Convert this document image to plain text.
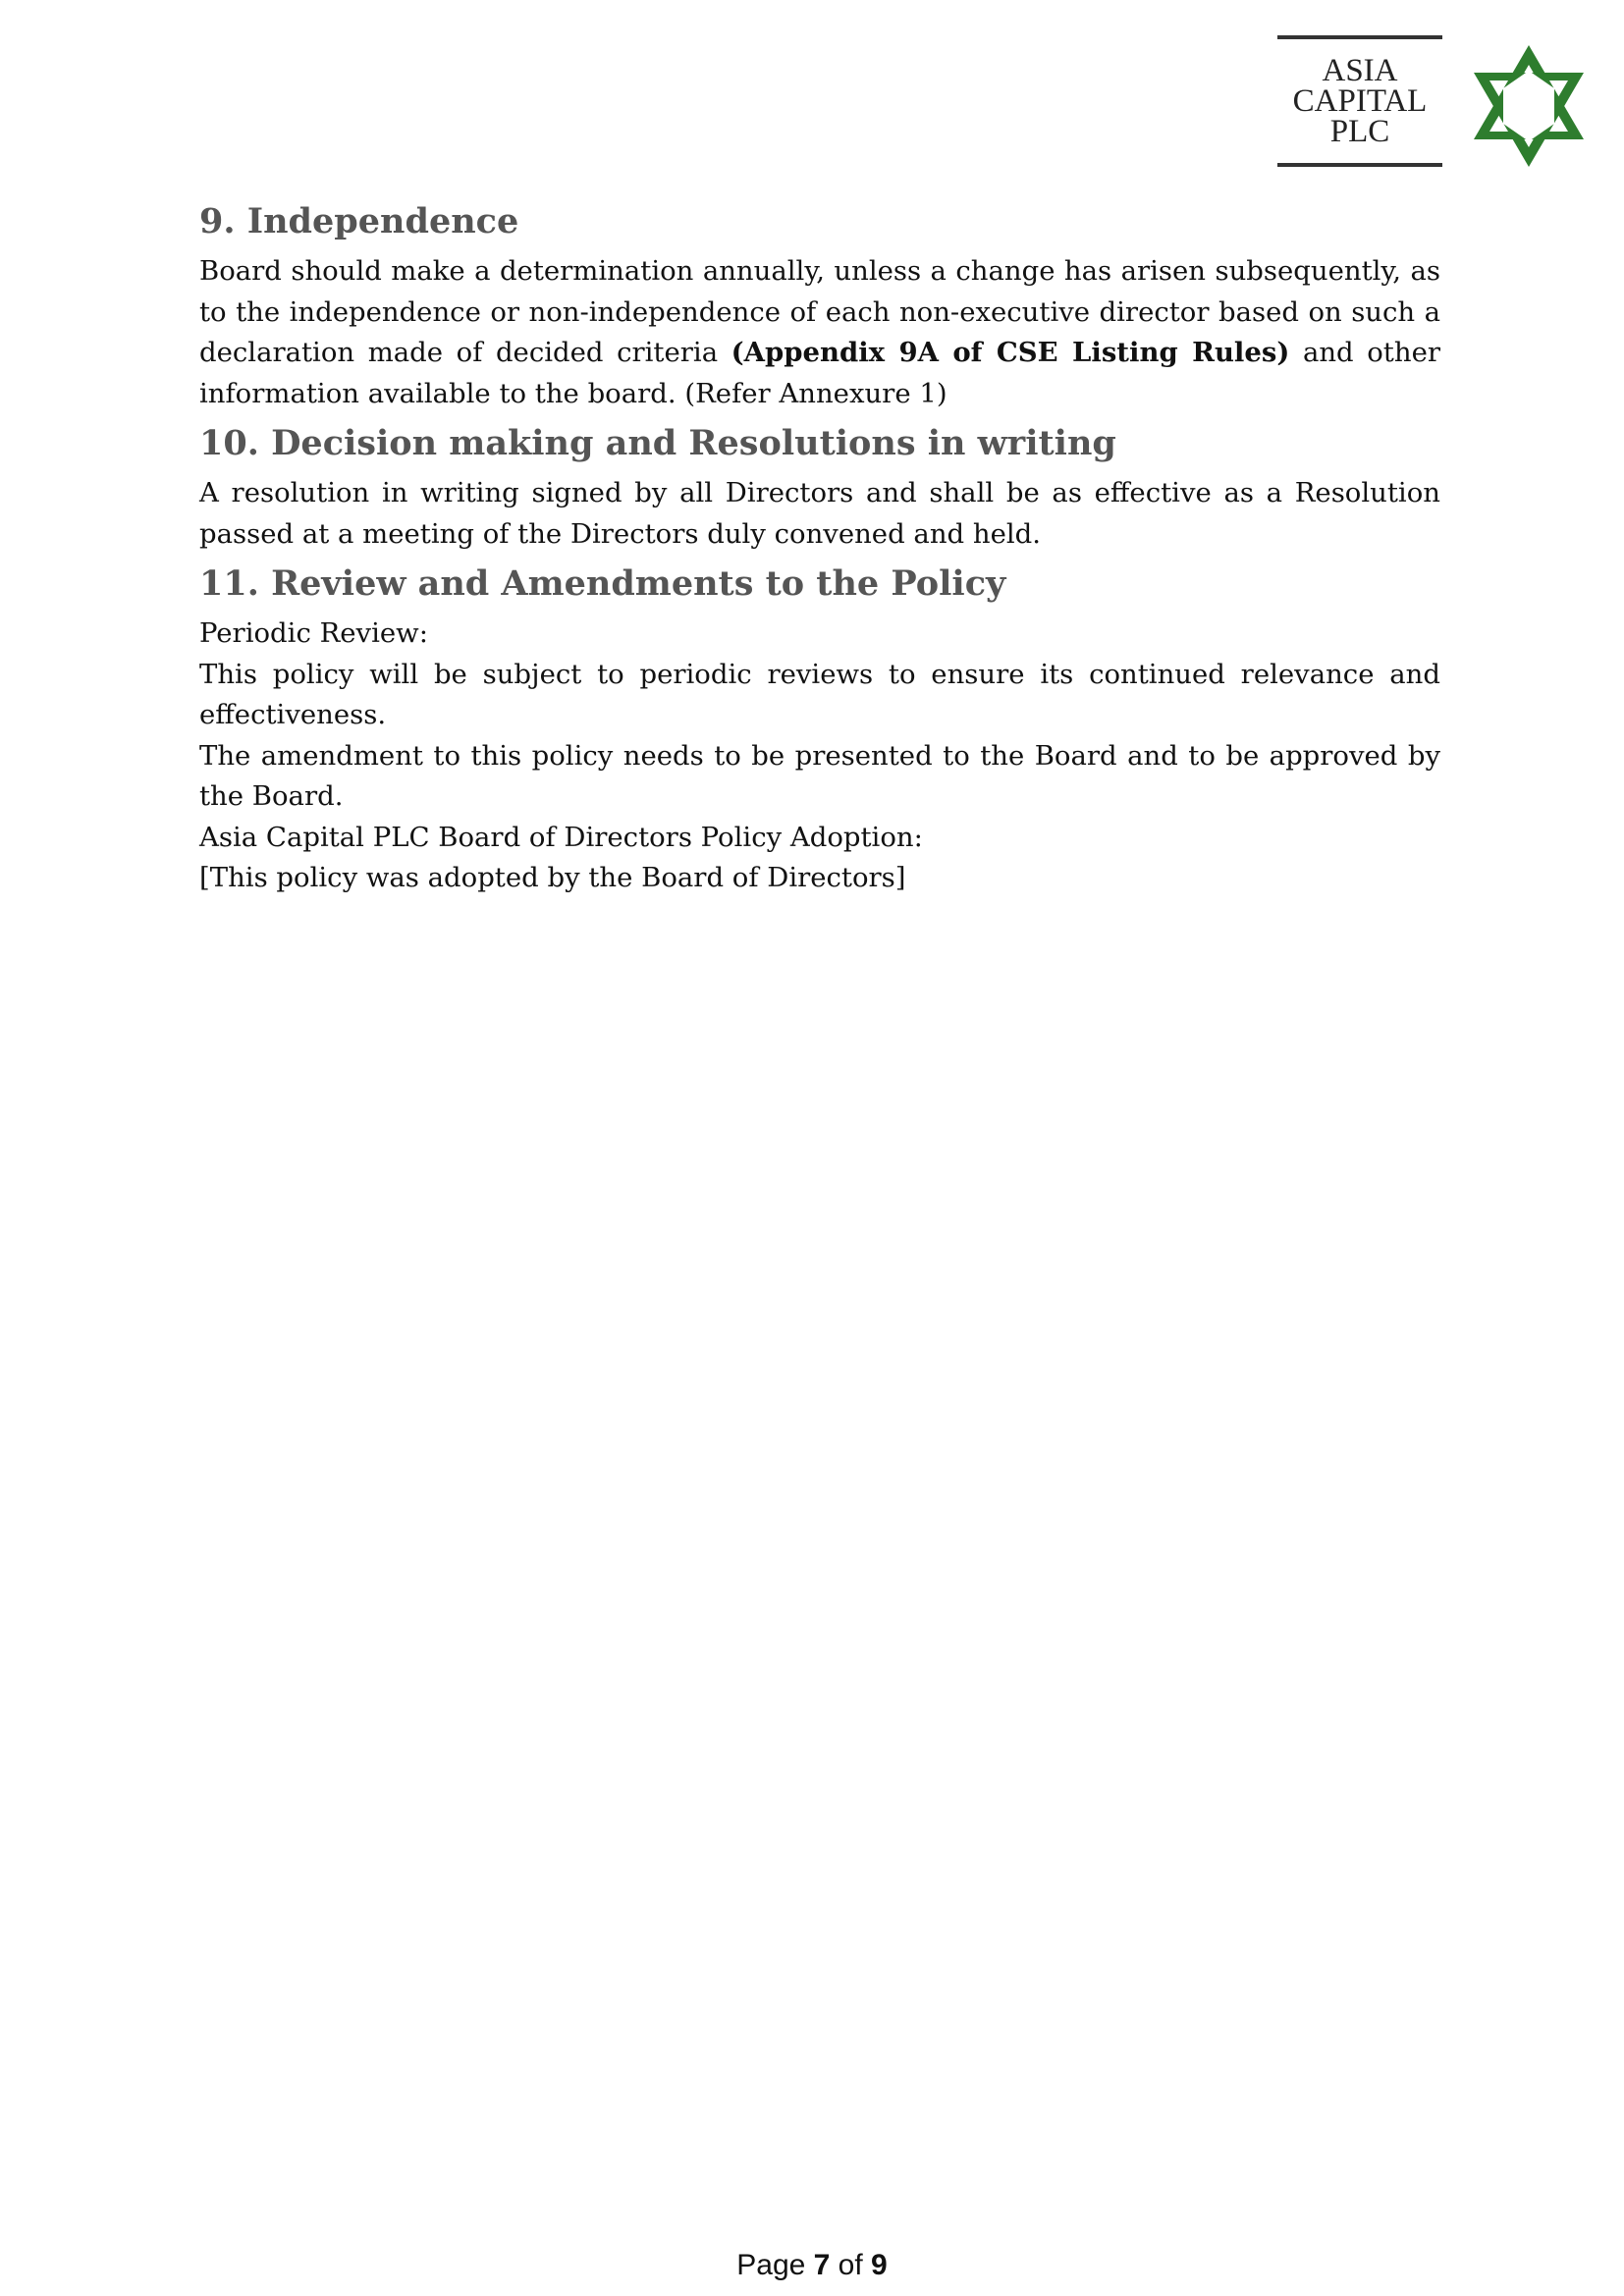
ASIA
CAPITAL
PLC
9. Independence

Board should make a determination annually, unless a change has arisen subsequently, as to the independence or non-independence of each non-executive director based on such a declaration made of decided criteria (Appendix 9A of CSE Listing Rules) and other information available to the board. (Refer Annexure 1)

10. Decision making and Resolutions in writing

A resolution in writing signed by all Directors and shall be as effective as a Resolution passed at a meeting of the Directors duly convened and held.

11. Review and Amendments to the Policy

Periodic Review:

This policy will be subject to periodic reviews to ensure its continued relevance and effectiveness.

The amendment to this policy needs to be presented to the Board and to be approved by the Board.

Asia Capital PLC Board of Directors Policy Adoption:

[This policy was adopted by the Board of Directors]

Page 7 of 9
